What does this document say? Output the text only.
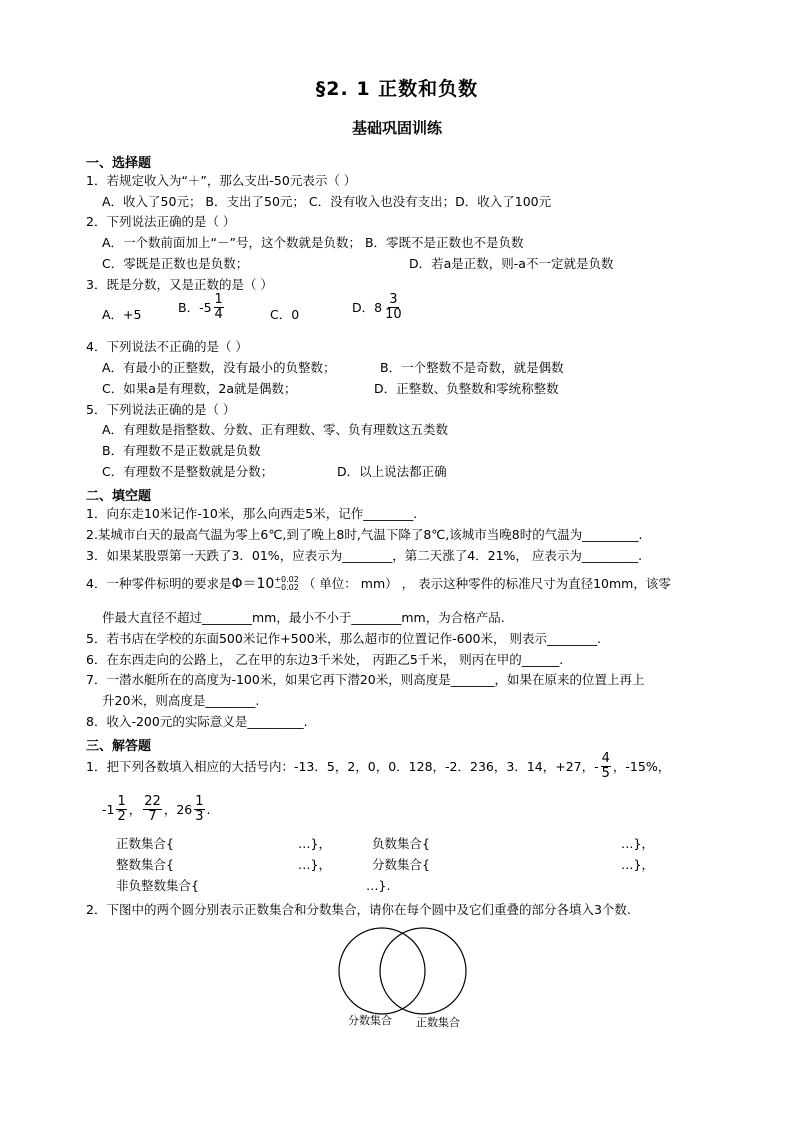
§2. 1 正数和负数
基础巩固训练
一、选择题
1．若规定收入为“＋”，那么支出-50元表示（ ）
A．收入了50元； B．支出了50元； C．没有收入也没有支出；D．收入了100元
2．下列说法正确的是（ ）
A．一个数前面加上“－”号，这个数就是负数； B．零既不是正数也不是负数
C．零既是正数也是负数；	D．若a是正数，则-a不一定就是负数
3．既是分数，又是正数的是（ ）
A．+5	B．$-5 \frac{1}{4}$	C．0	D．$8 \frac{3}{10}$
4．下列说法不正确的是（ ）
A．有最小的正整数，没有最小的负整数；	B．一个整数不是奇数，就是偶数
C．如果a是有理数，2a就是偶数；	D．正整数、负整数和零统称整数
5．下列说法正确的是（ ）
A．有理数是指整数、分数、正有理数、零、负有理数这五类数
B．有理数不是正数就是负数
C．有理数不是整数就是分数；	D．以上说法都正确
二、填空题
1．向东走10米记作-10米，那么向西走5米，记作________.
2.某城市白天的最高气温为零上6℃,到了晚上8时,气温下降了8℃,该城市当晚8时的气温为_________.
3．如果某股票第一天跌了3．01%，应表示为________，第二天涨了4．21%， 应表示为_________.
4．一种零件标明的要求是 Φ＝10 +0.02
−0.02 （ 单位： mm） ， 表示这种零件的标准尺寸为直径10mm，该零
件最大直径不超过________mm，最小不小于________mm，为合格产品.
5．若书店在学校的东面500米记作+500米，那么超市的位置记作-600米， 则表示________.
6．在东西走向的公路上， 乙在甲的东边3千米处， 丙距乙5千米， 则丙在甲的______.
7．一潜水艇所在的高度为-100米，如果它再下潜20米，则高度是_______，如果在原来的位置上再上
升20米，则高度是________.
8．收入-200元的实际意义是_________.
三、解答题
1．把下列各数填入相应的大括号内：-13．5，2，0，0．128，-2．236，3．14，+27，- $\frac{4}{5}$ ，-15%，
$-1 \frac{1}{2}$ ， $\frac{22}{7}$ ，$26 \frac{1}{3}$ .
正数集合{	…}，	负数集合{	…}，
整数集合{	…}，	分数集合{	…}，
非负整数集合{	…}.
2．下图中的两个圆分别表示正数集合和分数集合，请你在每个圆中及它们重叠的部分各填入3个数.
分数集合 正数集合
